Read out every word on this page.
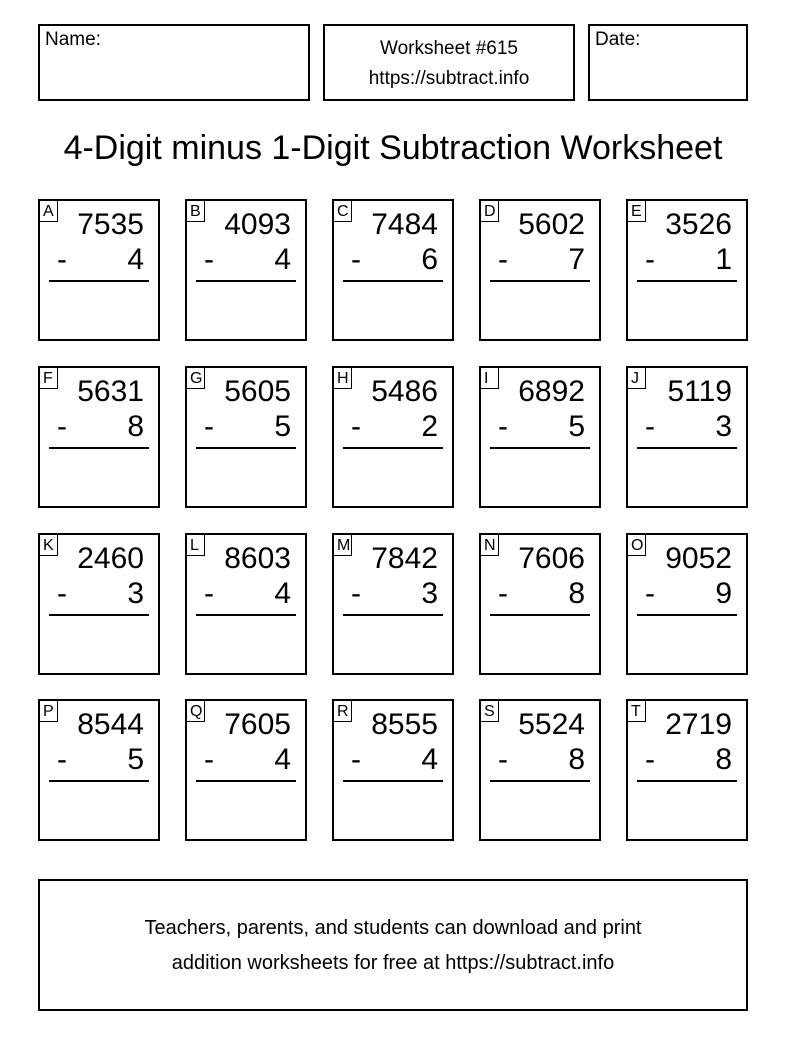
Name:	Worksheet #615
https://subtract.info
Date:
4-Digit minus 1-Digit Subtraction Worksheet
A 7535
- 4
B 4093
- 4
C 7484
- 6
D 5602
- 7
E 3526
- 1
F 5631
- 8
G 5605
- 5
H 5486
- 2
I 6892
- 5
J 5119
- 3
K 2460
- 3
L 8603
- 4
M 7842
- 3
N 7606
- 8
O 9052
- 9
P 8544
- 5
Q 7605
- 4
R 8555
- 4
S 5524
- 8
T 2719
- 8
Teachers, parents, and students can download and print
addition worksheets for free at https://subtract.info
